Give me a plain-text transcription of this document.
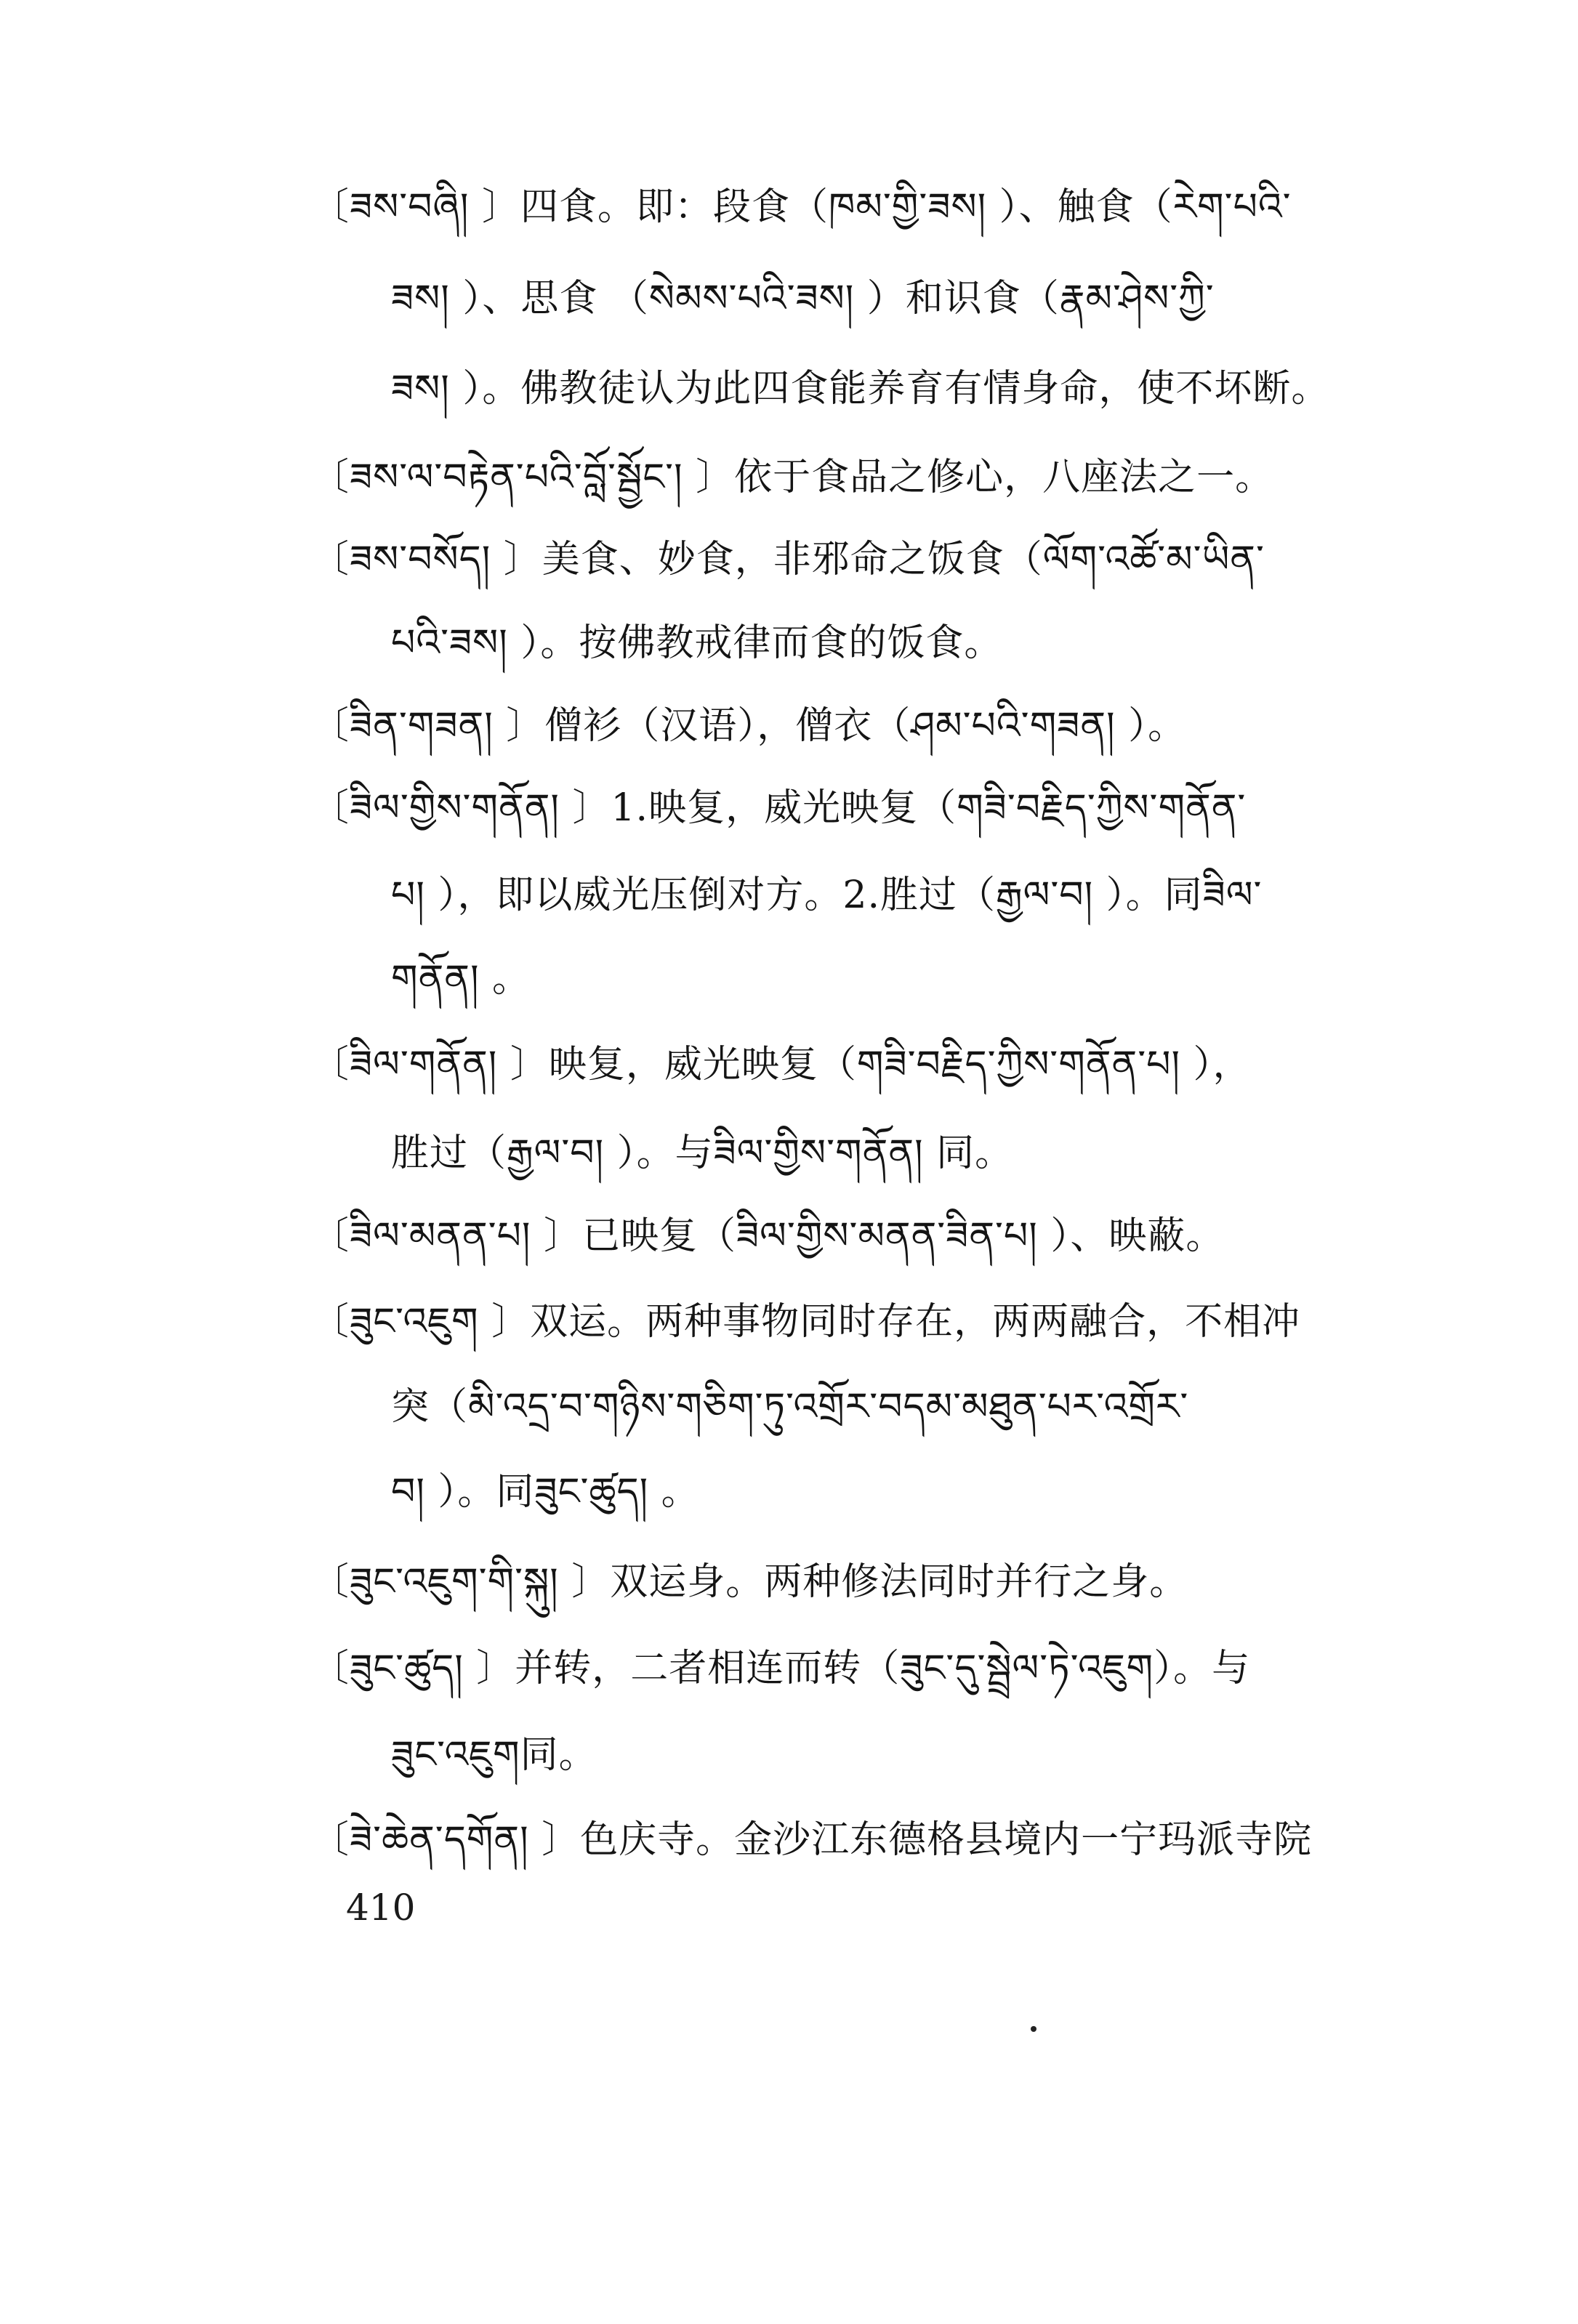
〔ཟས་བཞི། 〕四食。即：段食（ཁམ་གྱི་ཟས། ）、触食（རེག་པའི་
ཟས། ）、思食 （སེམས་པའི་ཟས། ）和识食（རྣམ་ཤེས་ཀྱི་
ཟས། ）。佛教徒认为此四食能养育有情身命，使不坏断。
〔ཟས་ལ་བརྟེན་པའི་བློ་སྦྱོང་། 〕依于食品之修心，八座法之一。
〔ཟས་བསོད། 〕美食、妙食，非邪命之饭食（ལོག་འཚོ་མ་ཡིན་
པའི་ཟས། ）。按佛教戒律而食的饭食。
〔ཟིན་གཟན། 〕僧衫（汉语），僧衣（ཤམ་པའི་གཟན། ）。
〔ཟིལ་གྱིས་གནོན། 〕1.映复，威光映复（གཟི་བརྗིད་ཀྱིས་གནོན་
པ། ），即以威光压倒对方。2.胜过（རྒྱལ་བ། ）。同ཟིལ་
གནོན། 。
〔ཟིལ་གནོན། 〕映复，威光映复（གཟི་བརྗིད་ཀྱིས་གནོན་པ། ），
胜过（རྒྱལ་བ། ）。与ཟིལ་གྱིས་གནོན། 同。
〔ཟིལ་མནན་པ། 〕已映复（ཟིལ་གྱིས་མནན་ཟིན་པ། ）、映蔽。
〔ཟུང་འཇུག 〕双运。两种事物同时存在，两两融合，不相冲
突（མི་འདྲ་བ་གཉིས་གཅིག་ཏུ་འགྲོར་བདམ་མཐུན་པར་འགྲོར་
བ། ）。同ཟུང་ཚུད། 。
〔ཟུང་འཇུག་གི་སྐུ། 〕双运身。两种修法同时并行之身。
〔ཟུང་ཚུད། 〕并转，二者相连而转（ཟུང་དུ་སྦྲེལ་ཏེ་འཇུག）。与
ཟུང་འཇུག同。
〔ཟེ་ཆེན་དགོན། 〕色庆寺。金沙江东德格县境内一宁玛派寺院
410
